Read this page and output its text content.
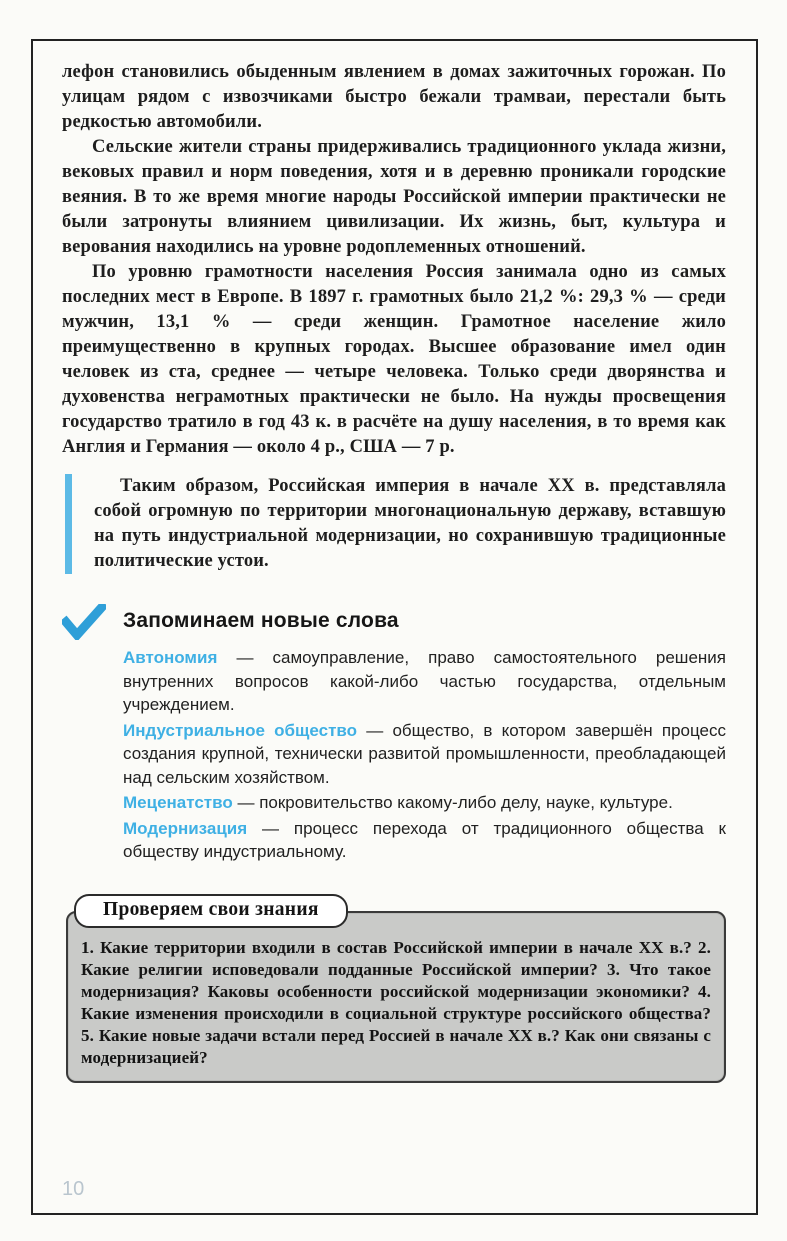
лефон становились обыденным явлением в домах зажиточных горожан. По улицам рядом с извозчиками быстро бежали трамваи, перестали быть редкостью автомобили.

Сельские жители страны придерживались традиционного уклада жизни, вековых правил и норм поведения, хотя и в деревню проникали городские веяния. В то же время многие народы Российской империи практически не были затронуты влиянием цивилизации. Их жизнь, быт, культура и верования находились на уровне родоплеменных отношений.

По уровню грамотности населения Россия занимала одно из самых последних мест в Европе. В 1897 г. грамотных было 21,2 %: 29,3 % — среди мужчин, 13,1 % — среди женщин. Грамотное население жило преимущественно в крупных городах. Высшее образование имел один человек из ста, среднее — четыре человека. Только среди дворянства и духовенства неграмотных практически не было. На нужды просвещения государство тратило в год 43 к. в расчёте на душу населения, в то время как Англия и Германия — около 4 р., США — 7 р.

Таким образом, Российская империя в начале XX в. представляла собой огромную по территории многонациональную державу, вставшую на путь индустриальной модернизации, но сохранившую традиционные политические устои.

Запоминаем новые слова

Автономия — самоуправление, право самостоятельного решения внутренних вопросов какой-либо частью государства, отдельным учреждением.

Индустриальное общество — общество, в котором завершён процесс создания крупной, технически развитой промышленности, преобладающей над сельским хозяйством.

Меценатство — покровительство какому-либо делу, науке, культуре.

Модернизация — процесс перехода от традиционного общества к обществу индустриальному.

Проверяем свои знания

1. Какие территории входили в состав Российской империи в начале XX в.? 2. Какие религии исповедовали подданные Российской империи? 3. Что такое модернизация? Каковы особенности российской модернизации экономики? 4. Какие изменения происходили в социальной структуре российского общества? 5. Какие новые задачи встали перед Россией в начале XX в.? Как они связаны с модернизацией?

10
